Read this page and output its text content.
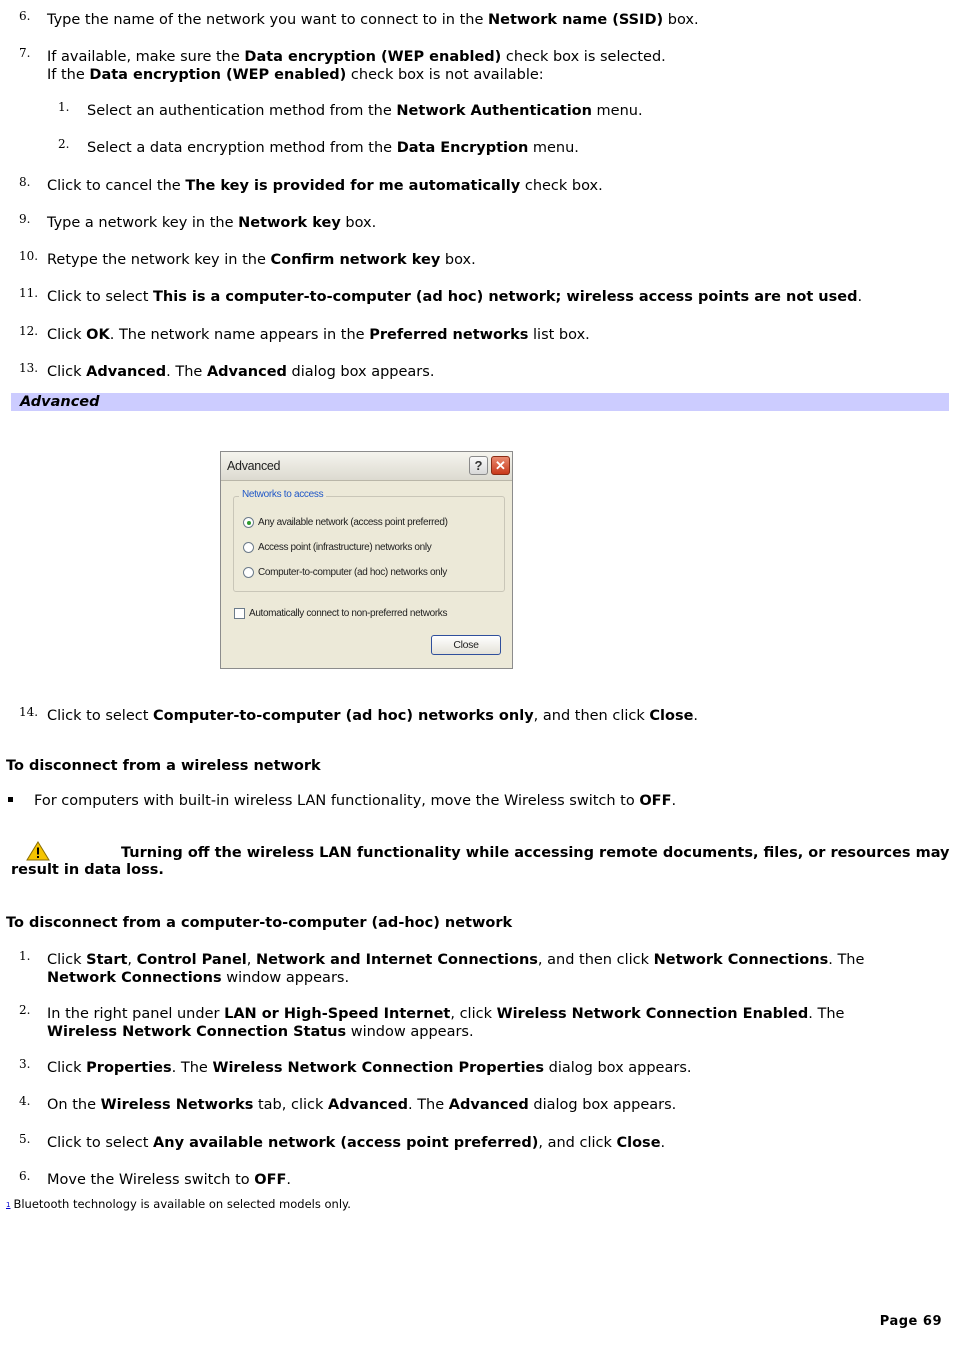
6. Type the name of the network you want to connect to in the Network name (SSID) box.
7. If available, make sure the Data encryption (WEP enabled) check box is selected.
If the Data encryption (WEP enabled) check box is not available:
1. Select an authentication method from the Network Authentication menu.
2. Select a data encryption method from the Data Encryption menu.
8. Click to cancel the The key is provided for me automatically check box.
9. Type a network key in the Network key box.
10. Retype the network key in the Confirm network key box.
11. Click to select This is a computer-to-computer (ad hoc) network; wireless access points are not used.
12. Click OK. The network name appears in the Preferred networks list box.
13. Click Advanced. The Advanced dialog box appears.
Advanced
Advanced	? ✕
Networks to access
Any available network (access point preferred)
Access point (infrastructure) networks only
Computer-to-computer (ad hoc) networks only
Automatically connect to non-preferred networks
Close
14. Click to select Computer-to-computer (ad hoc) networks only, and then click Close.
To disconnect from a wireless network
For computers with built-in wireless LAN functionality, move the Wireless switch to OFF.
Turning off the wireless LAN functionality while accessing remote documents, files, or resources may
result in data loss.
To disconnect from a computer-to-computer (ad-hoc) network
1. Click Start, Control Panel, Network and Internet Connections, and then click Network Connections. The
Network Connections window appears.
2. In the right panel under LAN or High-Speed Internet, click Wireless Network Connection Enabled. The
Wireless Network Connection Status window appears.
3. Click Properties. The Wireless Network Connection Properties dialog box appears.
4. On the Wireless Networks tab, click Advanced. The Advanced dialog box appears.
5. Click to select Any available network (access point preferred), and click Close.
6. Move the Wireless switch to OFF.
1 Bluetooth technology is available on selected models only.
Page 69
